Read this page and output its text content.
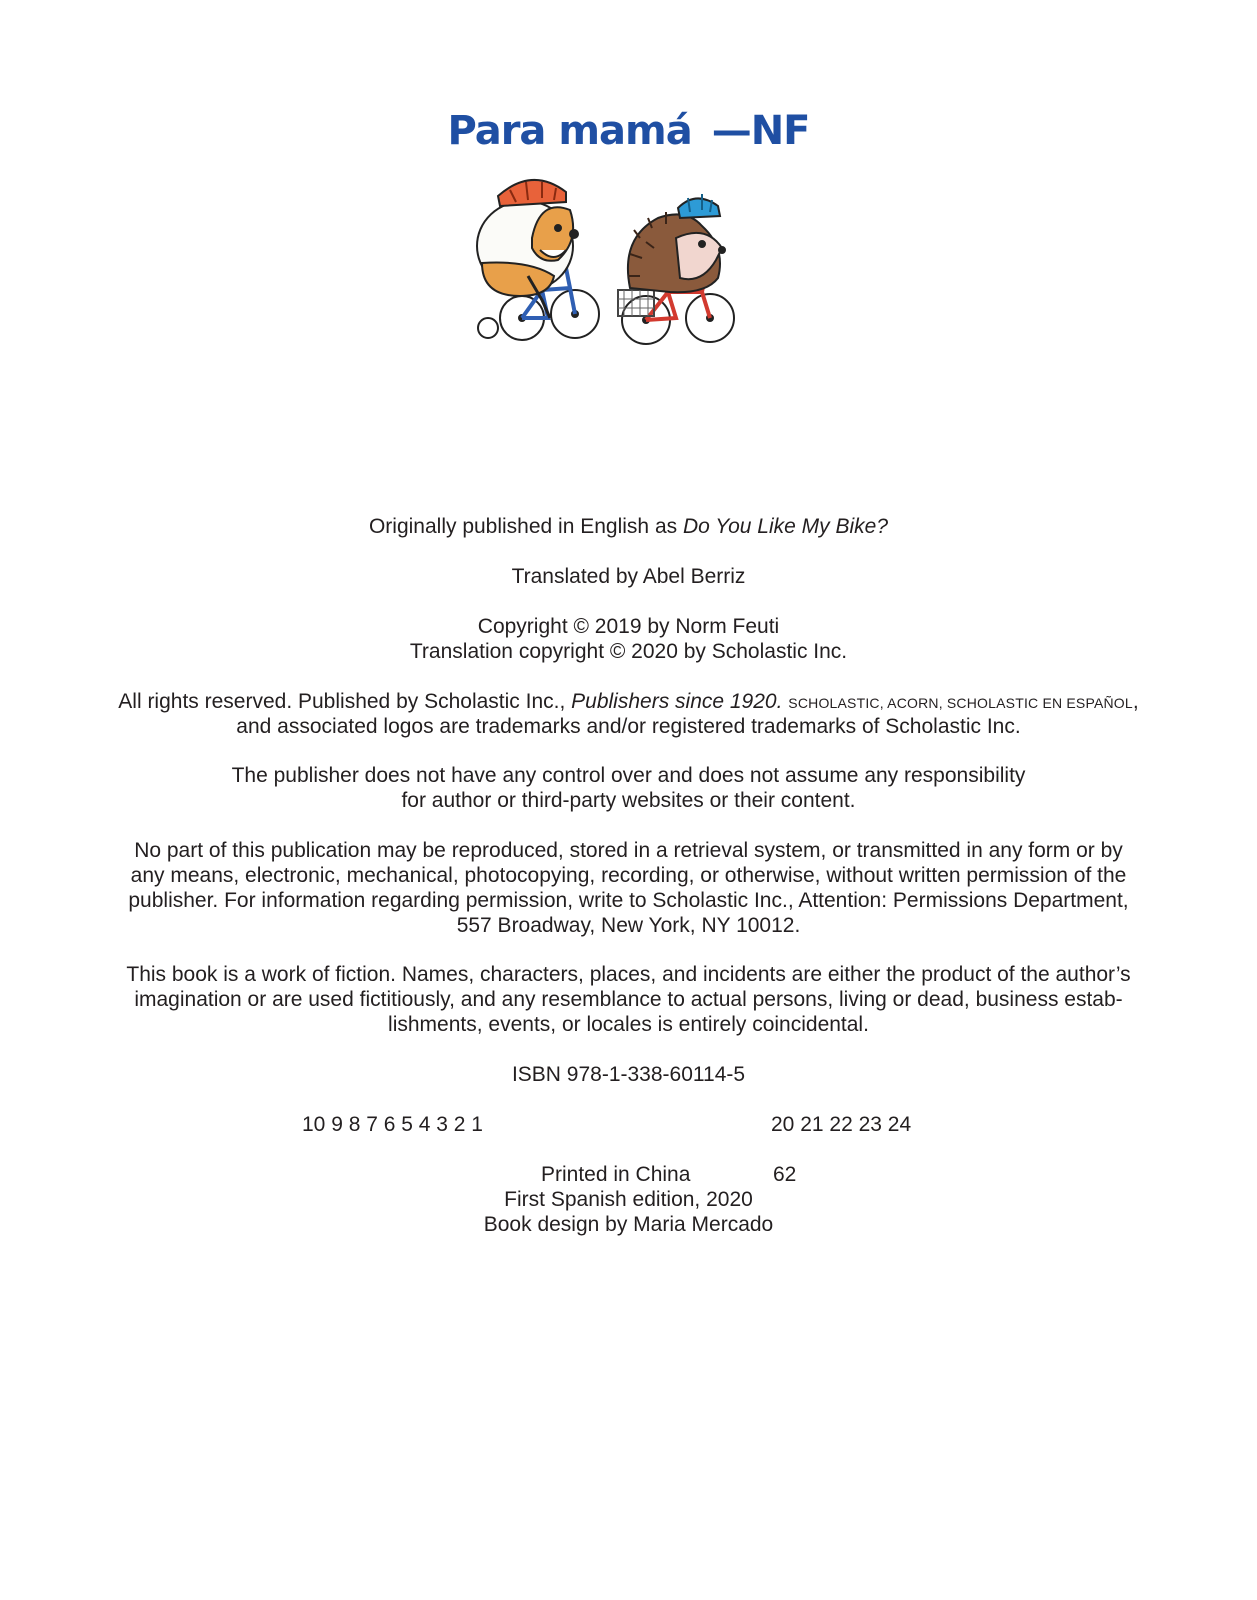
Para mamá —NF
Originally published in English as Do You Like My Bike?
Translated by Abel Berriz
Copyright © 2019 by Norm Feuti
Translation copyright © 2020 by Scholastic Inc.
All rights reserved. Published by Scholastic Inc., Publishers since 1920. SCHOLASTIC, ACORN, SCHOLASTIC EN ESPAÑOL,
and associated logos are trademarks and/or registered trademarks of Scholastic Inc.
The publisher does not have any control over and does not assume any responsibility
for author or third-party websites or their content.
No part of this publication may be reproduced, stored in a retrieval system, or transmitted in any form or by
any means, electronic, mechanical, photocopying, recording, or otherwise, without written permission of the
publisher. For information regarding permission, write to Scholastic Inc., Attention: Permissions Department,
557 Broadway, New York, NY 10012.
This book is a work of fiction. Names, characters, places, and incidents are either the product of the author’s
imagination or are used fictitiously, and any resemblance to actual persons, living or dead, business estab-
lishments, events, or locales is entirely coincidental.
ISBN 978-1-338-60114-5
10 9 8 7 6 5 4 3 2 1	20 21 22 23 24
Printed in China	62
First Spanish edition, 2020
Book design by Maria Mercado
